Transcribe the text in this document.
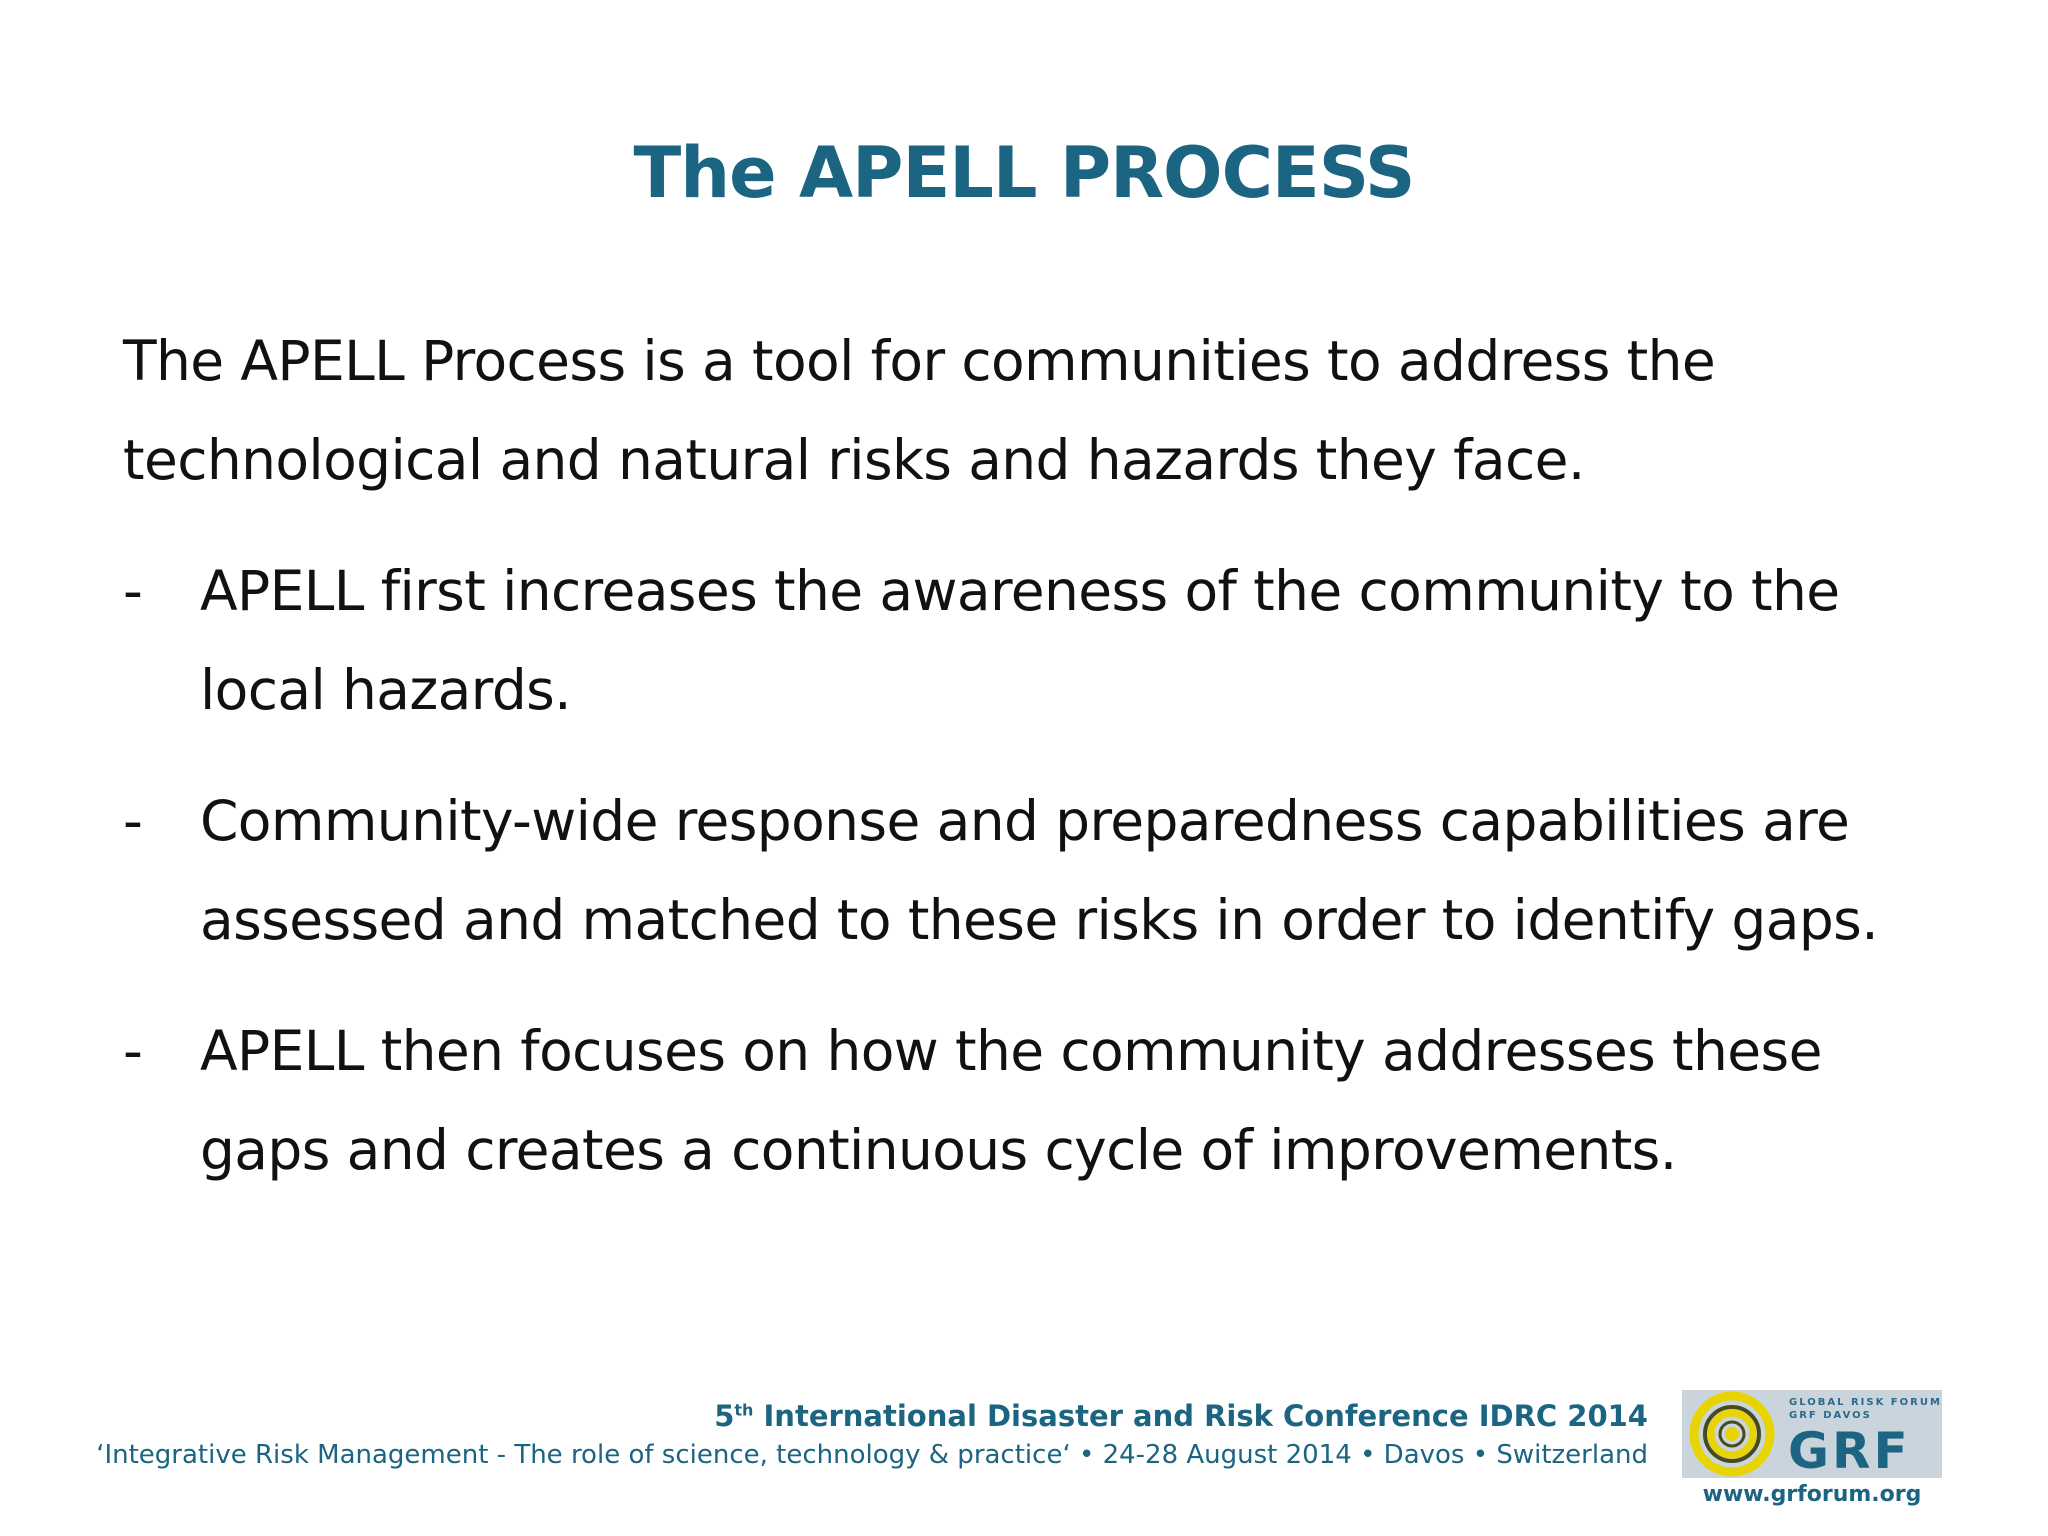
The APELL PROCESS

The APELL Process is a tool for communities to address the
technological and natural risks and hazards they face.

- APELL first increases the awareness of the community to the
local hazards.
- Community-wide response and preparedness capabilities are
assessed and matched to these risks in order to identify gaps.
- APELL then focuses on how the community addresses these
gaps and creates a continuous cycle of improvements.
5th International Disaster and Risk Conference IDRC 2014
‘Integrative Risk Management - The role of science, technology & practice‘ • 24-28 August 2014 • Davos • Switzerland
GLOBAL RISK FORUM
GRF DAVOS
GRF
www.grforum.org
